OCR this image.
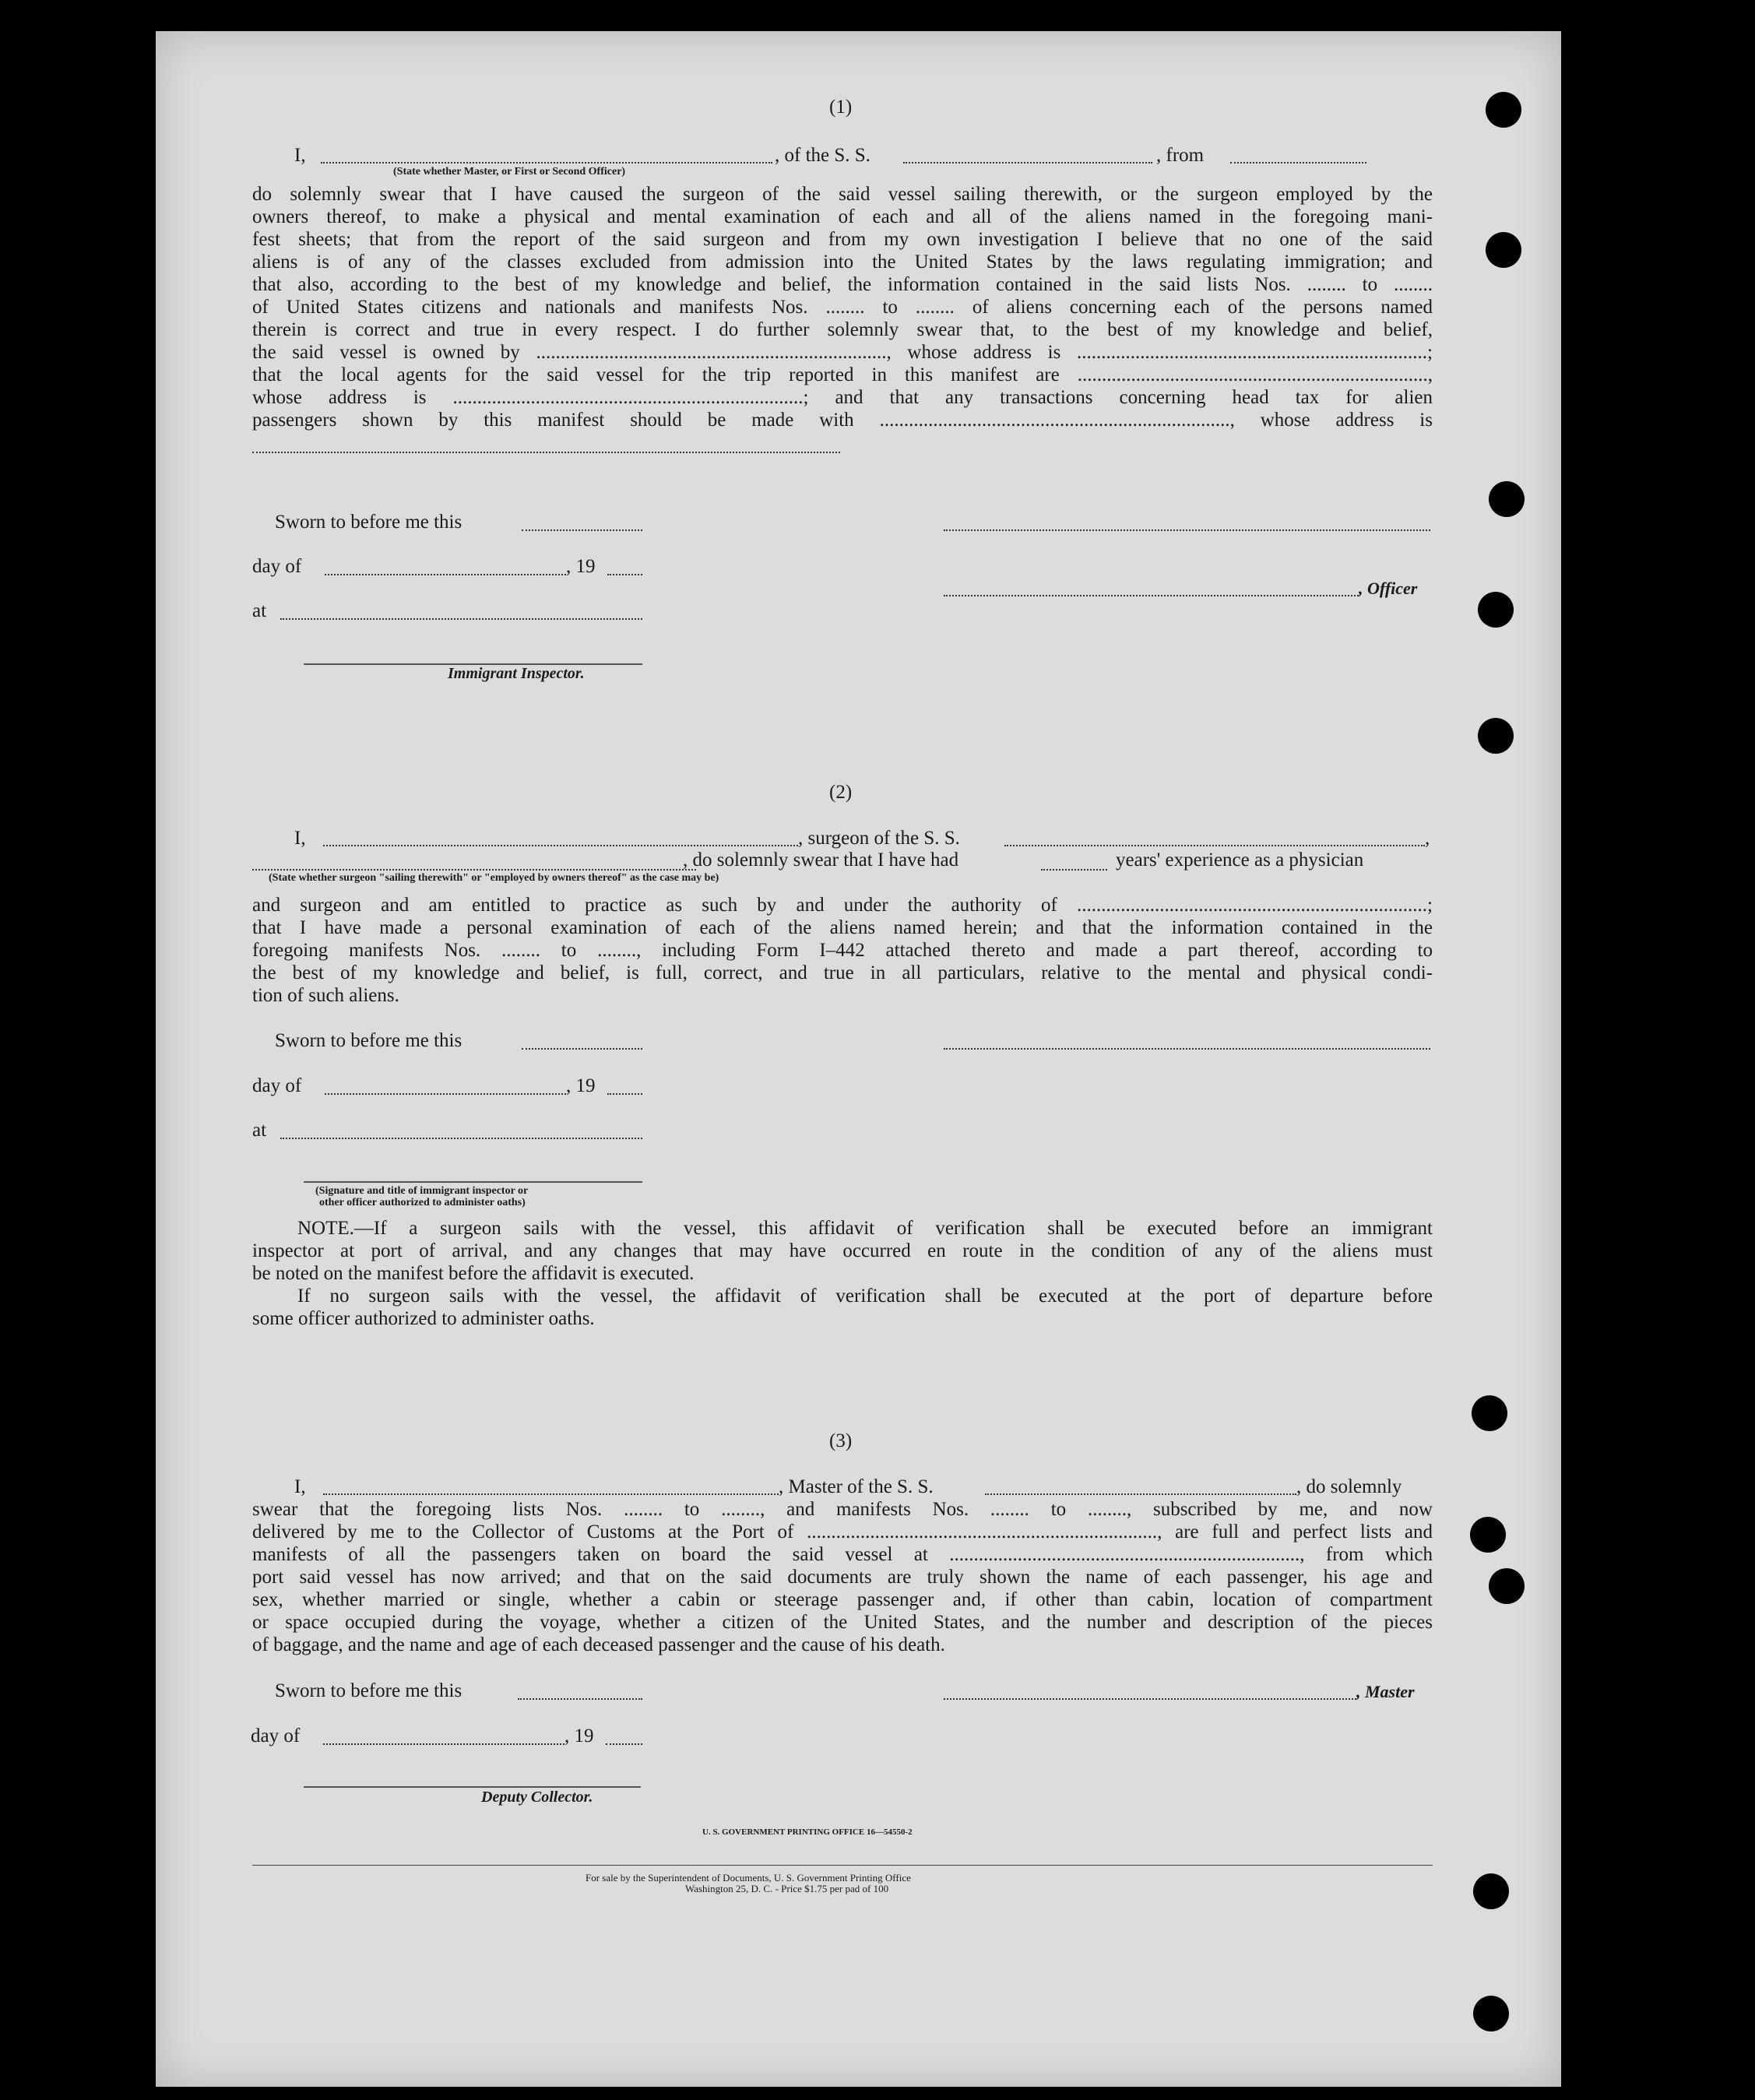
(1)
I,	, of the S. S.	, from
(State whether Master, or First or Second Officer)
do solemnly swear that I have caused the surgeon of the said vessel sailing therewith, or the surgeon employed by the
owners thereof, to make a physical and mental examination of each and all of the aliens named in the foregoing mani-
fest sheets; that from the report of the said surgeon and from my own investigation I believe that no one of the said
aliens is of any of the classes excluded from admission into the United States by the laws regulating immigration; and
that also, according to the best of my knowledge and belief, the information contained in the said lists Nos. ........ to ........
of United States citizens and nationals and manifests Nos. ........ to ........ of aliens concerning each of the persons named
therein is correct and true in every respect. I do further solemnly swear that, to the best of my knowledge and belief,
the said vessel is owned by ........................................................................, whose address is ........................................................................;
that the local agents for the said vessel for the trip reported in this manifest are ........................................................................,
whose address is ........................................................................; and that any transactions concerning head tax for alien
passengers shown by this manifest should be made with ........................................................................, whose address is
Sworn to before me this
day of	, 19
, Officer
at
Immigrant Inspector.
(2)
I,	, surgeon of the S. S.	,
, do solemnly swear that I have had	years' experience as a physician
(State whether surgeon "sailing therewith" or "employed by owners thereof" as the case may be)
and surgeon and am entitled to practice as such by and under the authority of ........................................................................;
that I have made a personal examination of each of the aliens named herein; and that the information contained in the
foregoing manifests Nos. ........ to ........, including Form I–442 attached thereto and made a part thereof, according to
the best of my knowledge and belief, is full, correct, and true in all particulars, relative to the mental and physical condi-
tion of such aliens.
Sworn to before me this
day of	, 19
at
(Signature and title of immigrant inspector or
other officer authorized to administer oaths)
NOTE.—If a surgeon sails with the vessel, this affidavit of verification shall be executed before an immigrant
inspector at port of arrival, and any changes that may have occurred en route in the condition of any of the aliens must
be noted on the manifest before the affidavit is executed.
If no surgeon sails with the vessel, the affidavit of verification shall be executed at the port of departure before
some officer authorized to administer oaths.
(3)
I,	, Master of the S. S.	, do solemnly
swear that the foregoing lists Nos. ........ to ........, and manifests Nos. ........ to ........, subscribed by me, and now
delivered by me to the Collector of Customs at the Port of ........................................................................, are full and perfect lists and
manifests of all the passengers taken on board the said vessel at ........................................................................, from which
port said vessel has now arrived; and that on the said documents are truly shown the name of each passenger, his age and
sex, whether married or single, whether a cabin or steerage passenger and, if other than cabin, location of compartment
or space occupied during the voyage, whether a citizen of the United States, and the number and description of the pieces
of baggage, and the name and age of each deceased passenger and the cause of his death.
Sworn to before me this	, Master
day of	, 19
Deputy Collector.
U. S. GOVERNMENT PRINTING OFFICE 16—54550-2
For sale by the Superintendent of Documents, U. S. Government Printing Office
Washington 25, D. C. - Price $1.75 per pad of 100
